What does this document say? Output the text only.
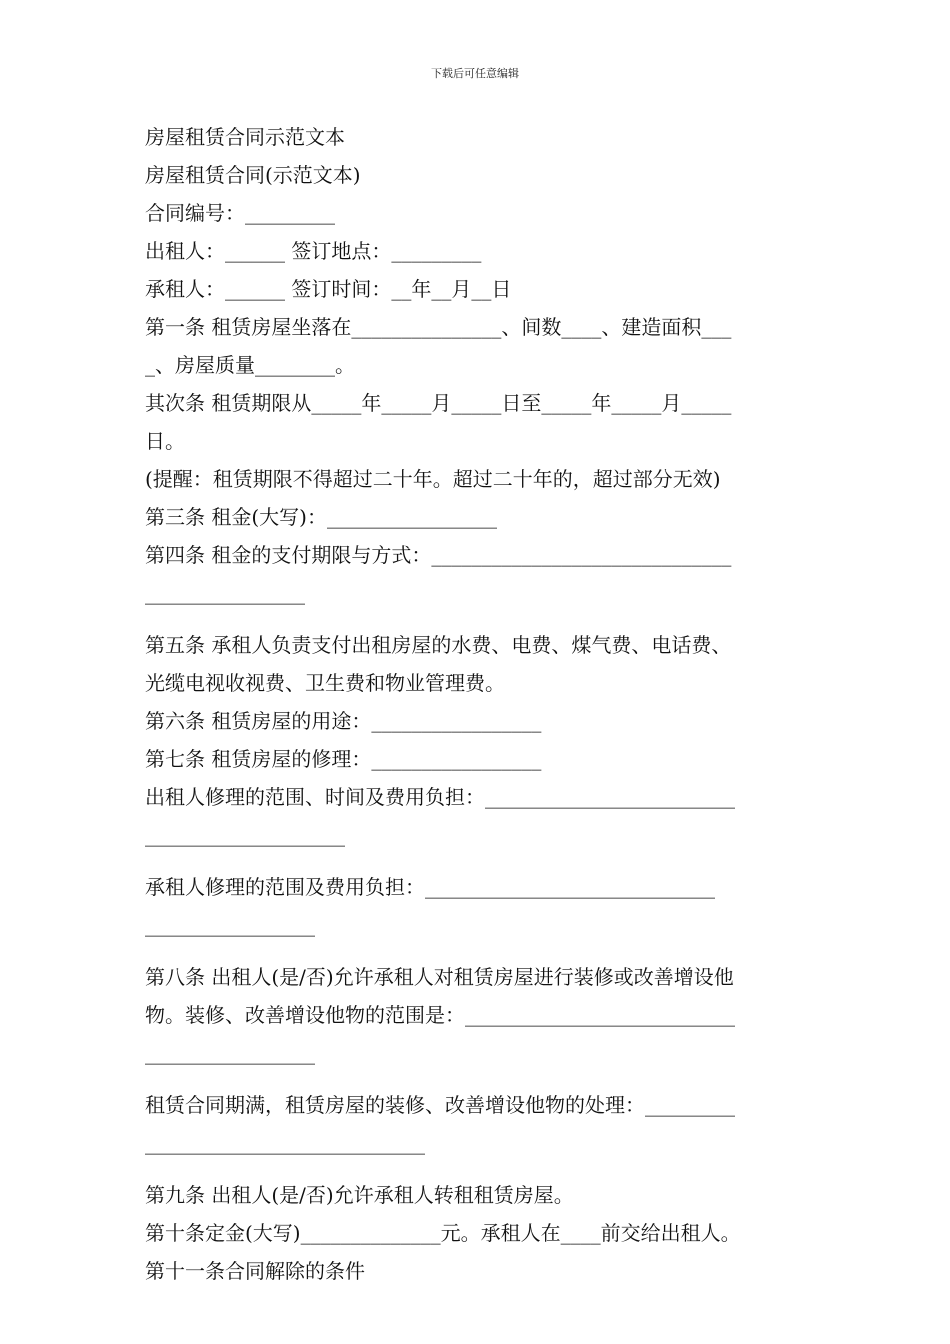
下载后可任意编辑
房屋租赁合同示范文本
房屋租赁合同(示范文本)
合同编号：_________
出租人：______ 签订地点：_________
承租人：______ 签订时间：__年__月__日
第一条 租赁房屋坐落在_______________、间数____、建造面积___
_、房屋质量________。
其次条 租赁期限从_____年_____月_____日至_____年_____月_____
日。
(提醒：租赁期限不得超过二十年。超过二十年的，超过部分无效)
第三条 租金(大写)：_________________
第四条 租金的支付期限与方式：______________________________
________________
第五条 承租人负责支付出租房屋的水费、电费、煤气费、电话费、
光缆电视收视费、卫生费和物业管理费。
第六条 租赁房屋的用途：_________________
第七条 租赁房屋的修理：_________________
出租人修理的范围、时间及费用负担：_________________________
____________________
承租人修理的范围及费用负担：_____________________________
_________________
第八条 出租人(是/否)允许承租人对租赁房屋进行装修或改善增设他
物。装修、改善增设他物的范围是：___________________________
_________________
租赁合同期满，租赁房屋的装修、改善增设他物的处理：_________
____________________________
第九条 出租人(是/否)允许承租人转租租赁房屋。
第十条定金(大写)______________元。承租人在____前交给出租人。
第十一条合同解除的条件
